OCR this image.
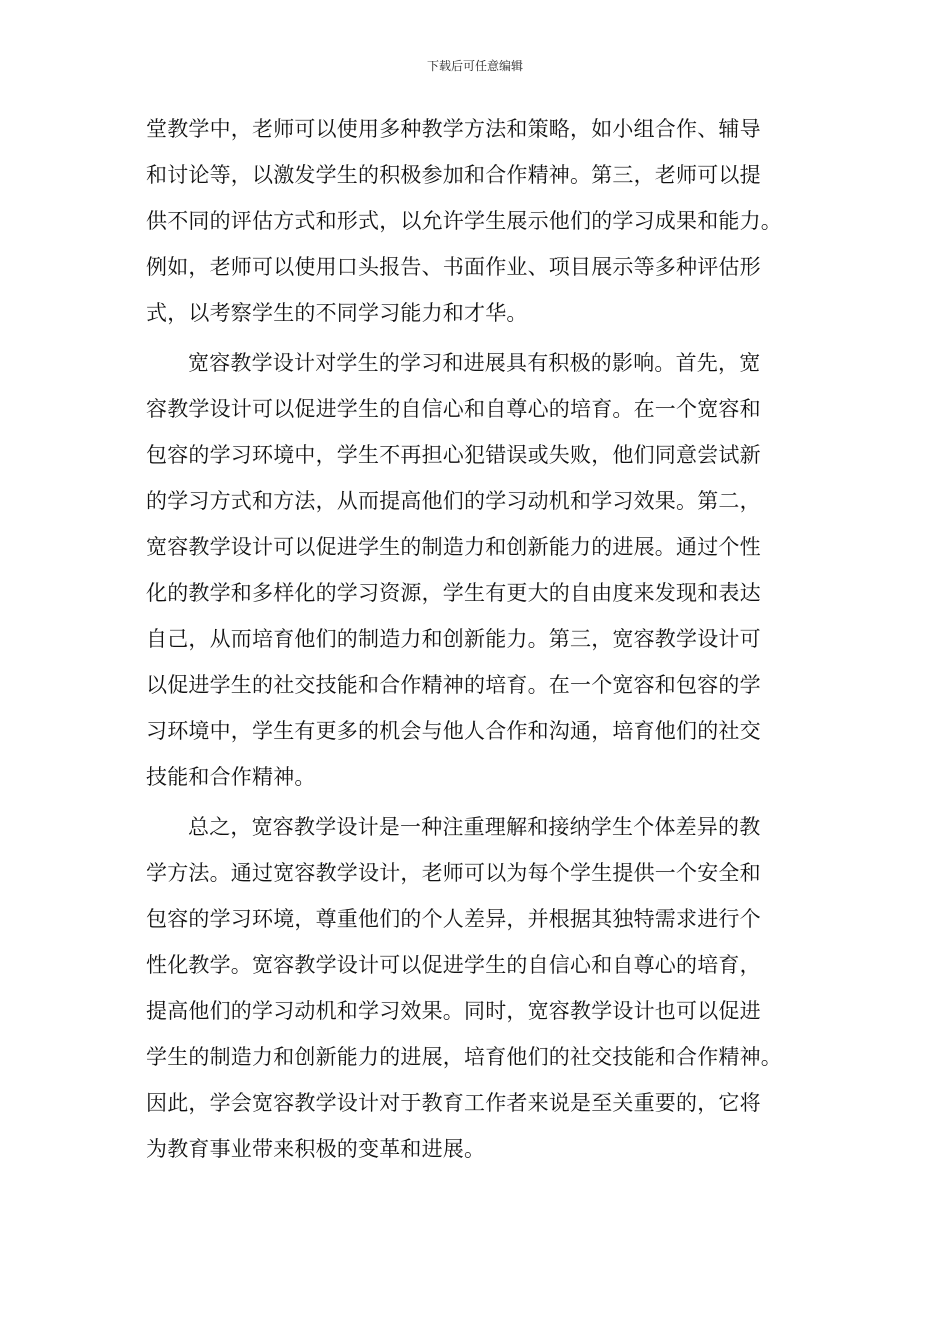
下载后可任意编辑
堂教学中，老师可以使用多种教学方法和策略，如小组合作、辅导
和讨论等，以激发学生的积极参加和合作精神。第三，老师可以提
供不同的评估方式和形式，以允许学生展示他们的学习成果和能力。
例如，老师可以使用口头报告、书面作业、项目展示等多种评估形
式，以考察学生的不同学习能力和才华。
宽容教学设计对学生的学习和进展具有积极的影响。首先，宽
容教学设计可以促进学生的自信心和自尊心的培育。在一个宽容和
包容的学习环境中，学生不再担心犯错误或失败，他们同意尝试新
的学习方式和方法，从而提高他们的学习动机和学习效果。第二，
宽容教学设计可以促进学生的制造力和创新能力的进展。通过个性
化的教学和多样化的学习资源，学生有更大的自由度来发现和表达
自己，从而培育他们的制造力和创新能力。第三，宽容教学设计可
以促进学生的社交技能和合作精神的培育。在一个宽容和包容的学
习环境中，学生有更多的机会与他人合作和沟通，培育他们的社交
技能和合作精神。
总之，宽容教学设计是一种注重理解和接纳学生个体差异的教
学方法。通过宽容教学设计，老师可以为每个学生提供一个安全和
包容的学习环境，尊重他们的个人差异，并根据其独特需求进行个
性化教学。宽容教学设计可以促进学生的自信心和自尊心的培育，
提高他们的学习动机和学习效果。同时，宽容教学设计也可以促进
学生的制造力和创新能力的进展，培育他们的社交技能和合作精神。
因此，学会宽容教学设计对于教育工作者来说是至关重要的，它将
为教育事业带来积极的变革和进展。
